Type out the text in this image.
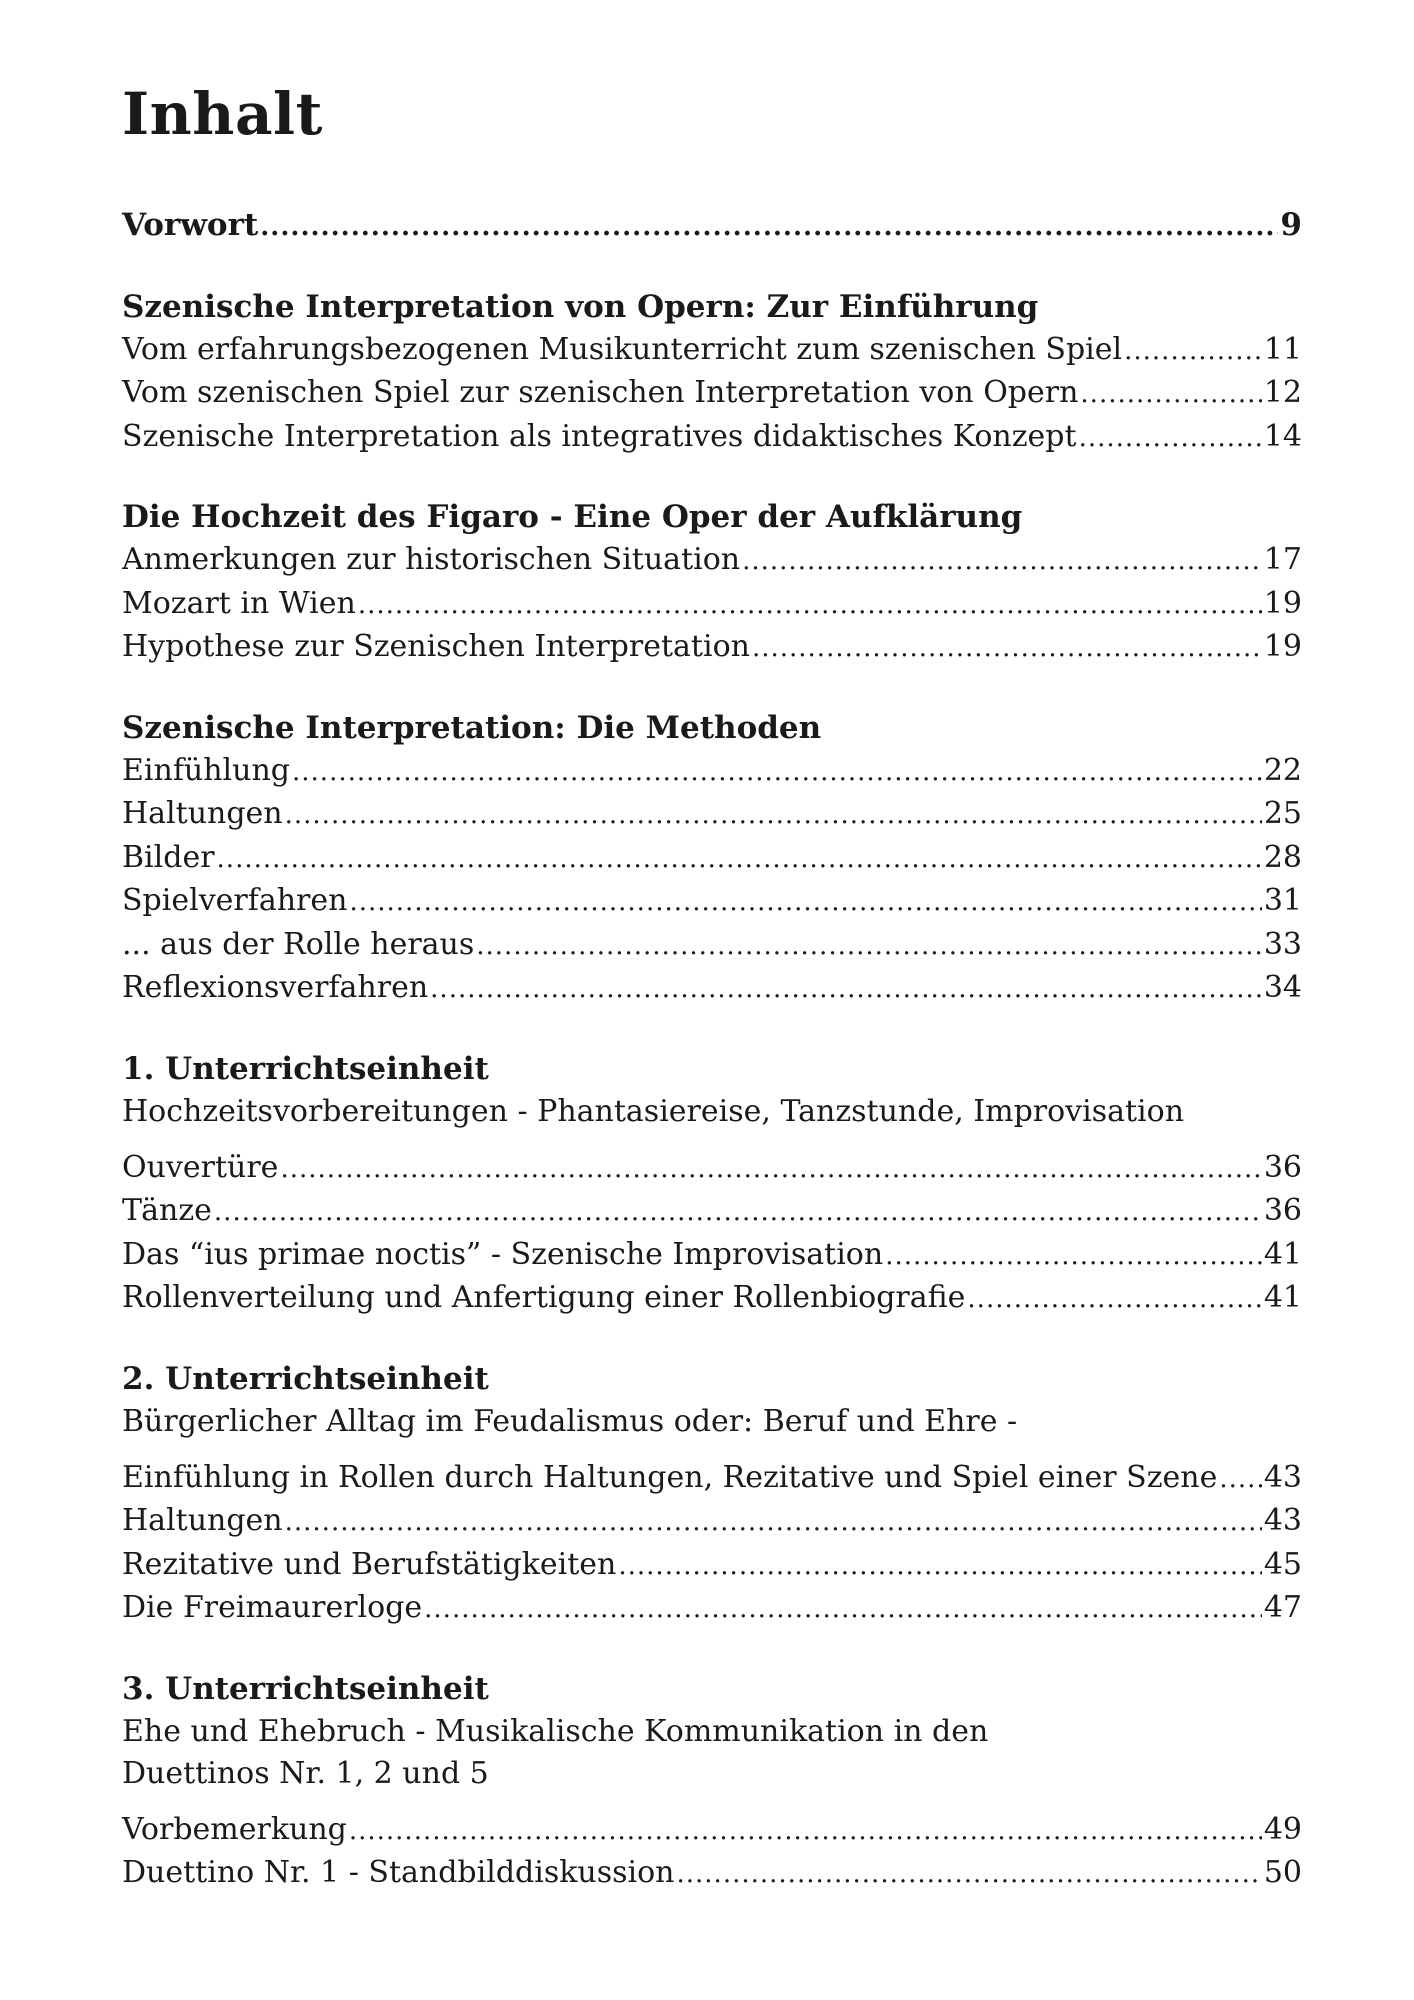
Inhalt
Vorwort .....	9
Szenische Interpretation von Opern: Zur Einführung
Vom erfahrungsbezogenen Musikunterricht zum szenischen Spiel .....	11
Vom szenischen Spiel zur szenischen Interpretation von Opern .....	12
Szenische Interpretation als integratives didaktisches Konzept .....	14
Die Hochzeit des Figaro - Eine Oper der Aufklärung
Anmerkungen zur historischen Situation .....	17
Mozart in Wien .....	19
Hypothese zur Szenischen Interpretation .....	19
Szenische Interpretation: Die Methoden
Einfühlung .....	22
Haltungen .....	25
Bilder .....	28
Spielverfahren .....	31
... aus der Rolle heraus .....	33
Reflexionsverfahren .....	34
1. Unterrichtseinheit
Hochzeitsvorbereitungen - Phantasiereise, Tanzstunde, Improvisation
Ouvertüre .....	36
Tänze .....	36
Das “ius primae noctis” - Szenische Improvisation .....	41
Rollenverteilung und Anfertigung einer Rollenbiografie .....	41
2. Unterrichtseinheit
Bürgerlicher Alltag im Feudalismus oder: Beruf und Ehre -
Einfühlung in Rollen durch Haltungen, Rezitative und Spiel einer Szene ..... 43
Haltungen .....	43
Rezitative und Berufstätigkeiten .....	45
Die Freimaurerloge .....	47
3. Unterrichtseinheit
Ehe und Ehebruch - Musikalische Kommunikation in den
Duettinos Nr. 1, 2 und 5
Vorbemerkung .....	49
Duettino Nr. 1 - Standbilddiskussion .....	50
